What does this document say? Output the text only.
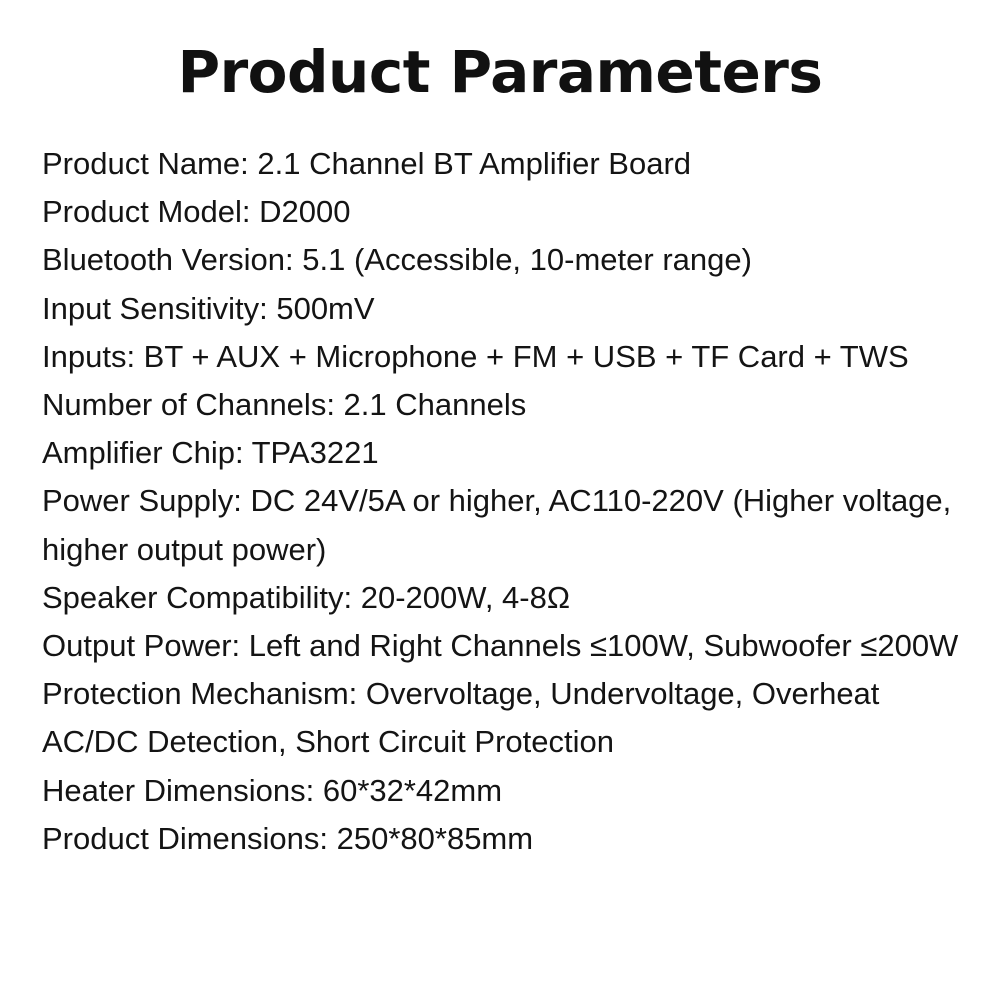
Product Parameters
Product Name: 2.1 Channel BT Amplifier Board
Product Model: D2000
Bluetooth Version: 5.1 (Accessible, 10-meter range)
Input Sensitivity: 500mV
Inputs: BT + AUX + Microphone + FM + USB + TF Card + TWS
Number of Channels: 2.1 Channels
Amplifier Chip: TPA3221
Power Supply: DC 24V/5A or higher, AC110-220V (Higher voltage, higher output power)
Speaker Compatibility: 20-200W, 4-8Ω
Output Power: Left and Right Channels ≤100W, Subwoofer ≤200W
Protection Mechanism: Overvoltage, Undervoltage, Overheat AC/DC Detection, Short Circuit Protection
Heater Dimensions: 60*32*42mm
Product Dimensions: 250*80*85mm
